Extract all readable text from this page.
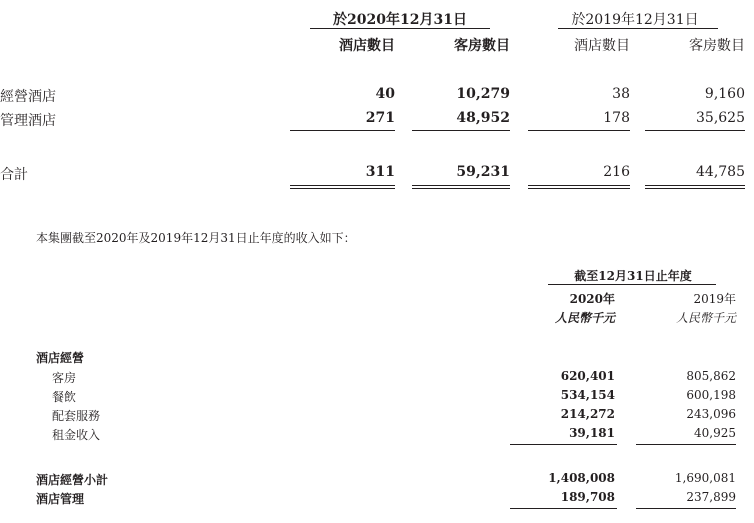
於2020年12月31日	於2019年12月31日
酒店數目	客房數目	酒店數目	客房數目
經營酒店	40	10,279	38	9,160
管理酒店	271	48,952	178	35,625
合計	311	59,231	216	44,785
本集團截至2020年及2019年12月31日止年度的收入如下：
截至12月31日止年度
2020年	2019年
人民幣千元	人民幣千元
酒店經營
客房	620,401	805,862
餐飲	534,154	600,198
配套服務	214,272	243,096
租金收入	39,181	40,925
酒店經營小計	1,408,008	1,690,081
酒店管理	189,708	237,899
